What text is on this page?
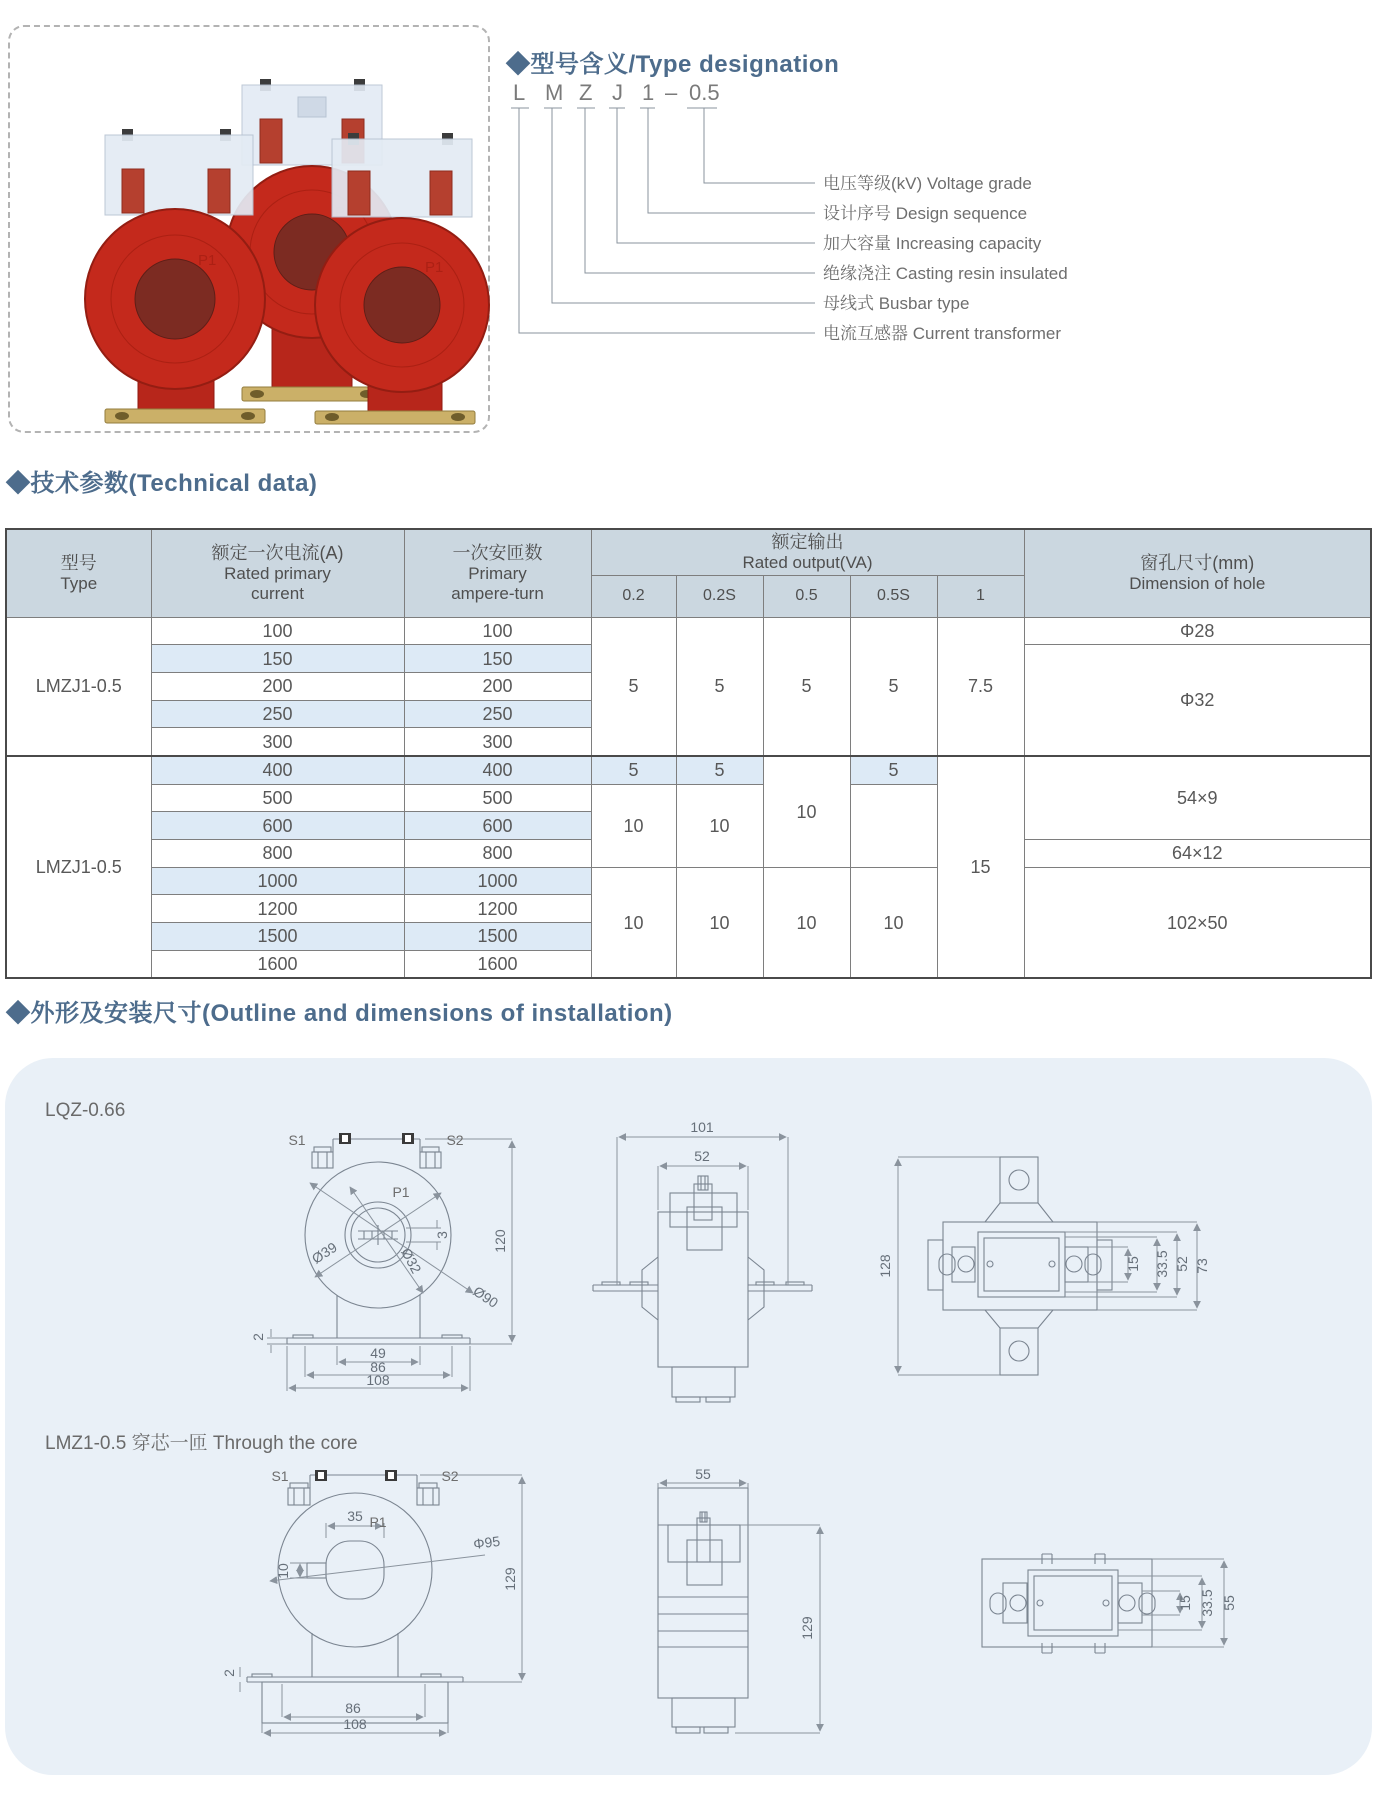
P1	P1
◆型号含义/Type designation
L M Z J 1 – 0.5
电压等级(kV) Voltage grade
设计序号 Design sequence
加大容量 Increasing capacity
绝缘浇注 Casting resin insulated
母线式 Busbar type
电流互感器 Current transformer
◆技术参数(Technical data)
型号
Type

额定一次电流(A)
Rated primary
current

一次安匝数
Primary
ampere-turn

额定输出
Rated output(VA)	窗孔尺寸(mm)
Dimension of hole

			0.2	0.2S	0.5	0.5S	1	
LMZJ1-0.5	100	100	5	5	5	5	7.5	Φ28
	150	150						Φ32
	200	200						
	250	250						
	300	300						
LMZJ1-0.5	400	400	5	5	10	5	15	54×9
	500	500	10	10				
	600	600						
	800	800						64×12
	1000	1000	10	10	10	10		102×50
	1200	1200						
	1500	1500						
	1600	1600						
◆外形及安装尺寸(Outline and dimensions of installation)
LQZ-0.66
LMZ1-0.5 穿芯一匝 Through the core
S1	S2
P1
Ø39	Ø32
Ø90
3	120
2
49
86
108
101
52
128	15 33.5 52 73
S1	S2
P1
35
10
Φ95
129
2
86
108
55
129
15 33.5 55
